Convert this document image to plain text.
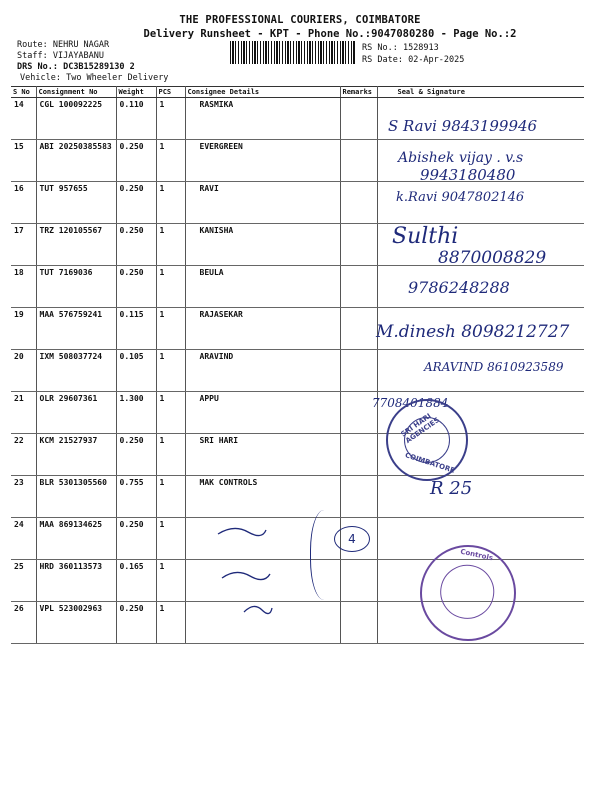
THE PROFESSIONAL COURIERS, COIMBATORE
Delivery Runsheet - KPT - Phone No.:9047080280 - Page No.:2
Route: NEHRU NAGAR
Staff: VIJAYABANU
DRS No.: DC3B15289130 2
Vehicle: Two Wheeler Delivery
RS No.: 1528913
RS Date: 02-Apr-2025
S No	Consignment No	Weight	PCS	Consignee Details	Remarks	Seal & Signature
14	CGL 100092225	0.110	1	RASMIKA		
15	ABI 20250385583	0.250	1	EVERGREEN		
16	TUT 957655	0.250	1	RAVI		
17	TRZ 120105567	0.250	1	KANISHA		
18	TUT 7169036	0.250	1	BEULA		
19	MAA 576759241	0.115	1	RAJASEKAR		
20	IXM 508037724	0.105	1	ARAVIND		
21	OLR 29607361	1.300	1	APPU		
22	KCM 21527937	0.250	1	SRI HARI		
23	BLR 5301305560	0.755	1	MAK CONTROLS		
24	MAA 869134625	0.250	1			
25	HRD 360113573	0.165	1			
26	VPL 523002963	0.250	1			
S Ravi 9843199946
Abishek vijay . v.s
9943180480
k.Ravi 9047802146
Sulthi
8870008829
9786248288
M.dinesh 8098212727
ARAVIND 8610923589
7708401884
R 25
4
SRI HARI AGENCIES
COIMBATORE
Controls
